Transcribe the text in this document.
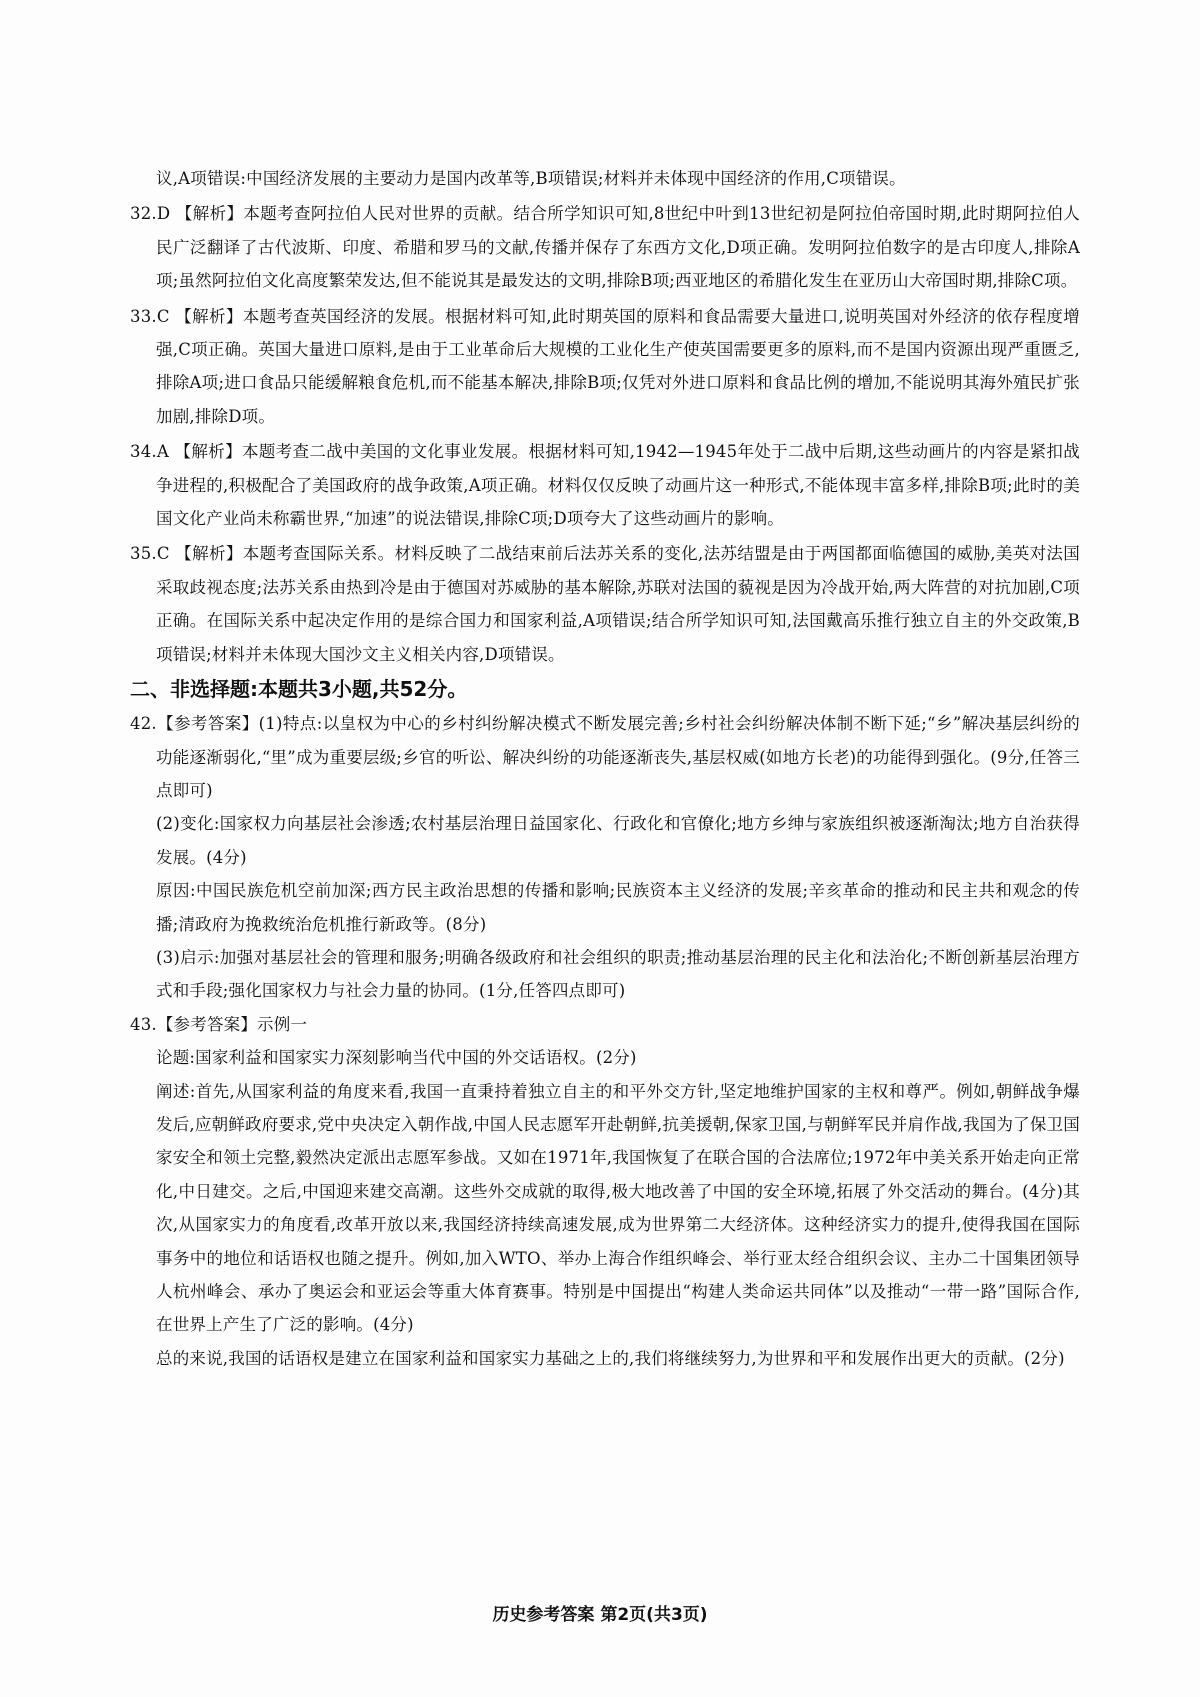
议,A项错误:中国经济发展的主要动力是国内改革等,B项错误;材料并未体现中国经济的作用,C项错误。
32.D 【解析】本题考查阿拉伯人民对世界的贡献。结合所学知识可知,8世纪中叶到13世纪初是阿拉伯帝国时期,此时期阿拉伯人民广泛翻译了古代波斯、印度、希腊和罗马的文献,传播并保存了东西方文化,D项正确。发明阿拉伯数字的是古印度人,排除A项;虽然阿拉伯文化高度繁荣发达,但不能说其是最发达的文明,排除B项;西亚地区的希腊化发生在亚历山大帝国时期,排除C项。
33.C 【解析】本题考查英国经济的发展。根据材料可知,此时期英国的原料和食品需要大量进口,说明英国对外经济的依存程度增强,C项正确。英国大量进口原料,是由于工业革命后大规模的工业化生产使英国需要更多的原料,而不是国内资源出现严重匮乏,排除A项;进口食品只能缓解粮食危机,而不能基本解决,排除B项;仅凭对外进口原料和食品比例的增加,不能说明其海外殖民扩张加剧,排除D项。
34.A 【解析】本题考查二战中美国的文化事业发展。根据材料可知,1942—1945年处于二战中后期,这些动画片的内容是紧扣战争进程的,积极配合了美国政府的战争政策,A项正确。材料仅仅反映了动画片这一种形式,不能体现丰富多样,排除B项;此时的美国文化产业尚未称霸世界,“加速”的说法错误,排除C项;D项夸大了这些动画片的影响。
35.C 【解析】本题考查国际关系。材料反映了二战结束前后法苏关系的变化,法苏结盟是由于两国都面临德国的威胁,美英对法国采取歧视态度;法苏关系由热到冷是由于德国对苏威胁的基本解除,苏联对法国的藐视是因为冷战开始,两大阵营的对抗加剧,C项正确。在国际关系中起决定作用的是综合国力和国家利益,A项错误;结合所学知识可知,法国戴高乐推行独立自主的外交政策,B项错误;材料并未体现大国沙文主义相关内容,D项错误。
二、非选择题:本题共3小题,共52分。
42.【参考答案】(1)特点:以皇权为中心的乡村纠纷解决模式不断发展完善;乡村社会纠纷解决体制不断下延;“乡”解决基层纠纷的功能逐渐弱化,“里”成为重要层级;乡官的听讼、解决纠纷的功能逐渐丧失,基层权威(如地方长老)的功能得到强化。(9分,任答三点即可)
(2)变化:国家权力向基层社会渗透;农村基层治理日益国家化、行政化和官僚化;地方乡绅与家族组织被逐渐淘汰;地方自治获得发展。(4分)
原因:中国民族危机空前加深;西方民主政治思想的传播和影响;民族资本主义经济的发展;辛亥革命的推动和民主共和观念的传播;清政府为挽救统治危机推行新政等。(8分)
(3)启示:加强对基层社会的管理和服务;明确各级政府和社会组织的职责;推动基层治理的民主化和法治化;不断创新基层治理方式和手段;强化国家权力与社会力量的协同。(1分,任答四点即可)
43.【参考答案】示例一
论题:国家利益和国家实力深刻影响当代中国的外交话语权。(2分)
阐述:首先,从国家利益的角度来看,我国一直秉持着独立自主的和平外交方针,坚定地维护国家的主权和尊严。例如,朝鲜战争爆发后,应朝鲜政府要求,党中央决定入朝作战,中国人民志愿军开赴朝鲜,抗美援朝,保家卫国,与朝鲜军民并肩作战,我国为了保卫国家安全和领土完整,毅然决定派出志愿军参战。又如在1971年,我国恢复了在联合国的合法席位;1972年中美关系开始走向正常化,中日建交。之后,中国迎来建交高潮。这些外交成就的取得,极大地改善了中国的安全环境,拓展了外交活动的舞台。(4分)其次,从国家实力的角度看,改革开放以来,我国经济持续高速发展,成为世界第二大经济体。这种经济实力的提升,使得我国在国际事务中的地位和话语权也随之提升。例如,加入WTO、举办上海合作组织峰会、举行亚太经合组织会议、主办二十国集团领导人杭州峰会、承办了奥运会和亚运会等重大体育赛事。特别是中国提出“构建人类命运共同体”以及推动“一带一路”国际合作,在世界上产生了广泛的影响。(4分)
总的来说,我国的话语权是建立在国家利益和国家实力基础之上的,我们将继续努力,为世界和平和发展作出更大的贡献。(2分)
历史参考答案 第2页(共3页)
